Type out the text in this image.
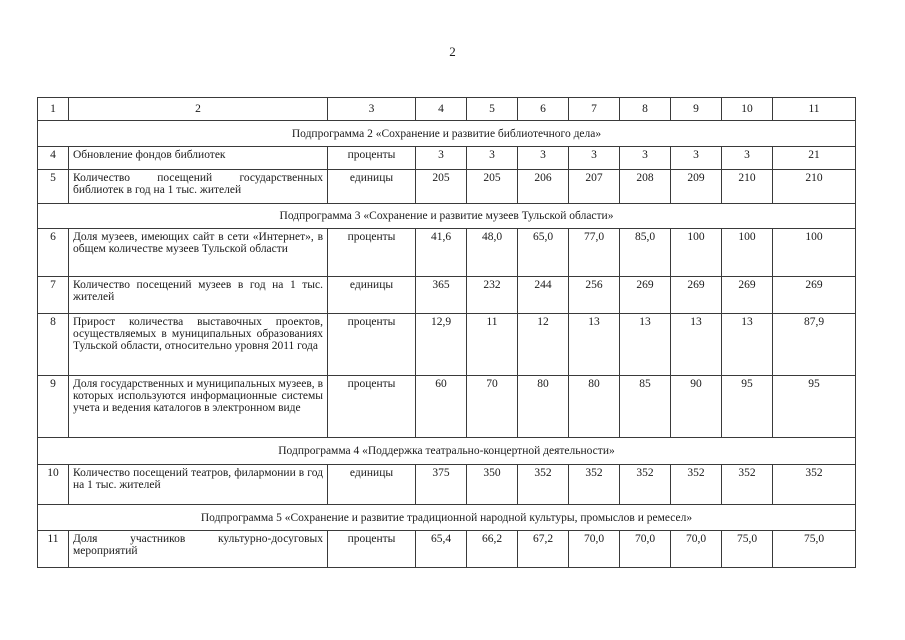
2
1	2	3	4	5	6	7	8	9	10	11
Подпрограмма 2 «Сохранение и развитие библиотечного дела»										
4	Обновление фондов библиотек	проценты	3	3	3	3	3	3	3	21
5	Количество посещений государственных библиотек в год на 1 тыс. жителей	единицы	205	205	206	207	208	209	210	210
Подпрограмма 3 «Сохранение и развитие музеев Тульской области»										
6	Доля музеев, имеющих сайт в сети «Интернет», в общем количестве музеев Тульской области	проценты	41,6	48,0	65,0	77,0	85,0	100	100	100
7	Количество посещений музеев в год на 1 тыс. жителей	единицы	365	232	244	256	269	269	269	269
8	Прирост количества выставочных проектов, осуществляемых в муниципальных образованиях Тульской области, относительно уровня 2011 года	проценты	12,9	11	12	13	13	13	13	87,9
9	Доля государственных и муниципальных музеев, в которых используются информационные системы учета и ведения каталогов в электронном виде	проценты	60	70	80	80	85	90	95	95
Подпрограмма 4 «Поддержка театрально-концертной деятельности»										
10	Количество посещений театров, филармонии в год на 1 тыс. жителей	единицы	375	350	352	352	352	352	352	352
Подпрограмма 5 «Сохранение и развитие традиционной народной культуры, промыслов и ремесел»										
11	Доля участников культурно-досуговых мероприятий	проценты	65,4	66,2	67,2	70,0	70,0	70,0	75,0	75,0
